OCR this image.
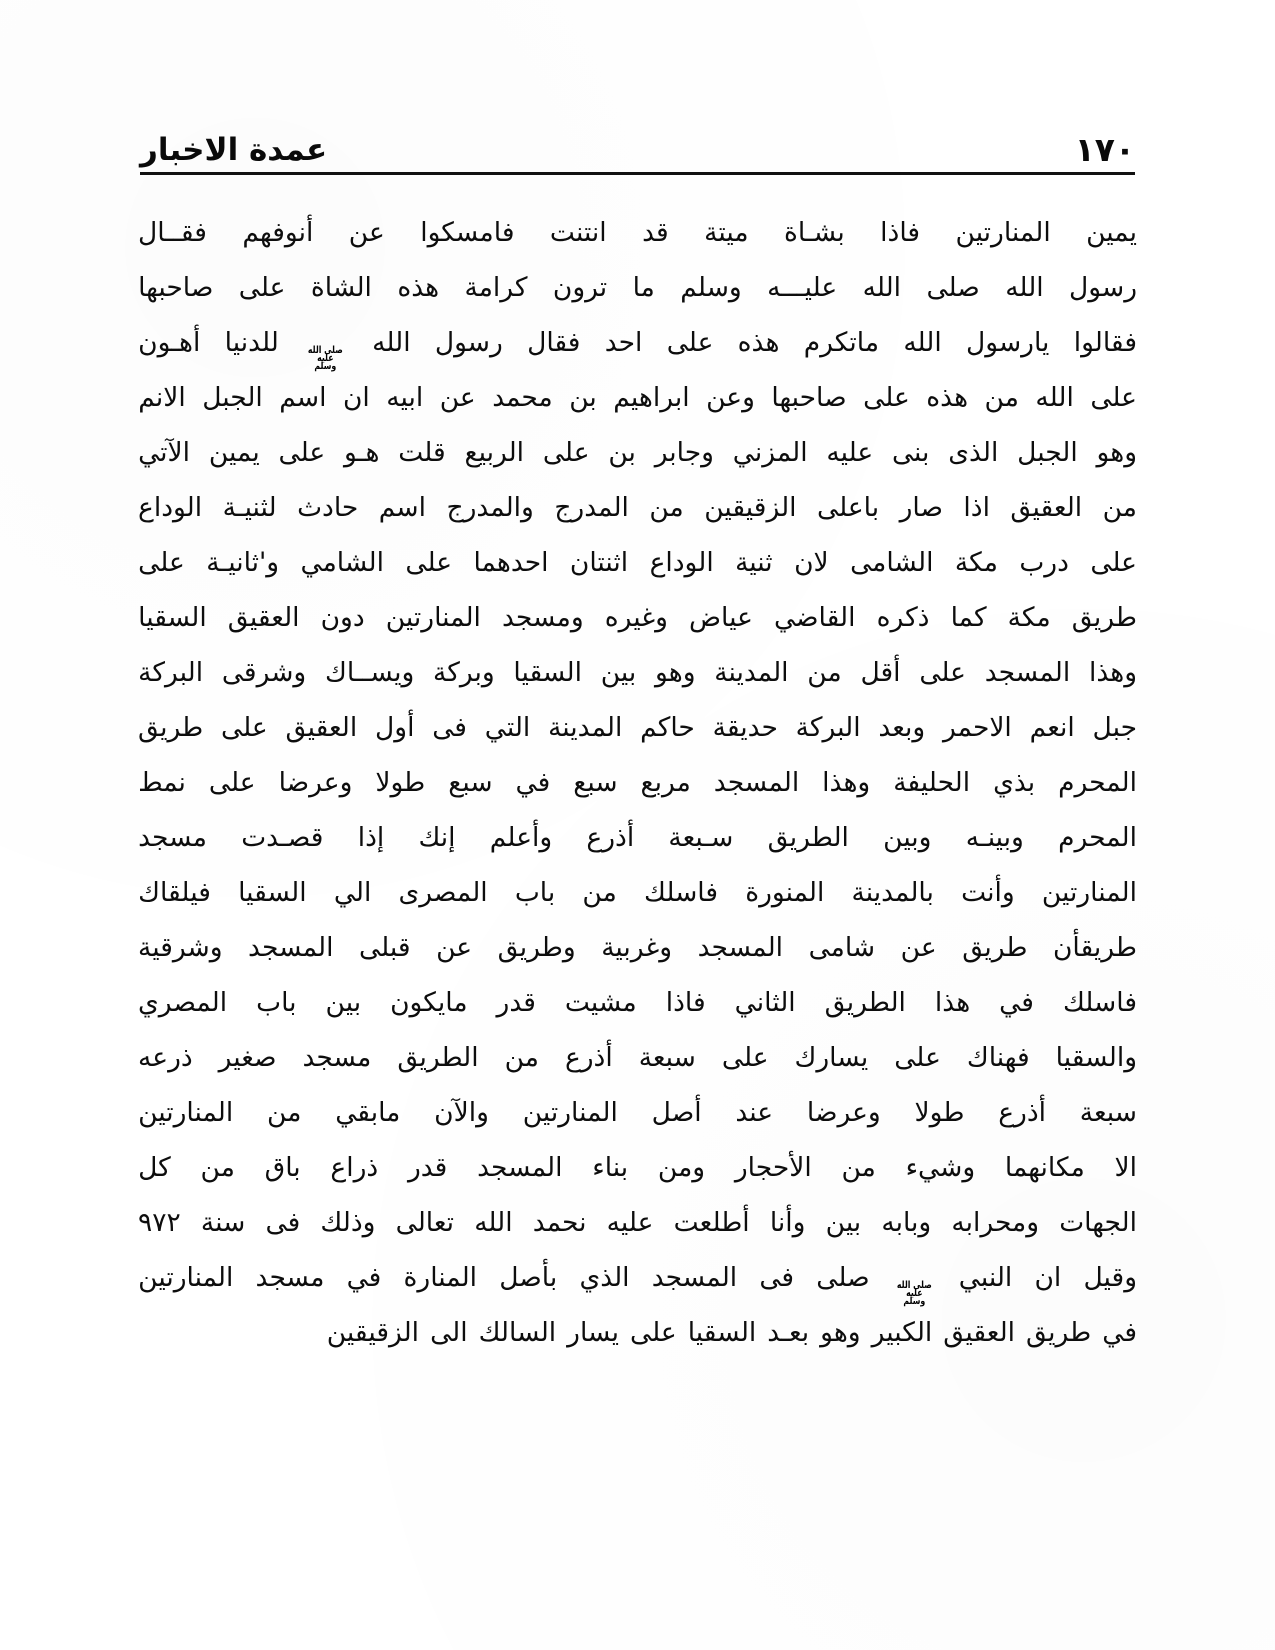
١٧٠
عمدة الاخبار
يمين
المنارتين
فاذا
بشـاة
ميتة
قد
انتنت
فامسكوا
عن
أنوفهم
فقــال
رسول
الله
صلى
الله
عليـــه
وسلم
ما
ترون
كرامة
هذه
الشاة
على
صاحبها
فقالوا
يارسول
الله
ماتكرم
هذه
على
احد
فقال
رسول
الله
صلى الله
عليه
وسلم
للدنيا
أهـون
على
الله
من
هذه
على
صاحبها
وعن
ابراهيم
بن
محمد
عن
ابيه
ان
اسم
الجبل
الانم
وهو
الجبل
الذى
بنى
عليه
المزني
وجابر
بن
على
الربيع
قلت
هـو
على
يمين
الآتي
من
العقيق
اذا
صار
باعلى
الزقيقين
من
المدرج
والمدرج
اسم
حادث
لثنيـة
الوداع
على
درب
مكة
الشامى
لان
ثنية
الوداع
اثنتان
احدهما
على
الشامي
و'ثانيـة
على
طريق
مكة
كما
ذكره
القاضي
عياض
وغيره
ومسجد
المنارتين
دون
العقيق
السقيا
وهذا
المسجد
على
أقل
من
المدينة
وهو
بين
السقيا
وبركة
ويســاك
وشرقى
البركة
جبل
انعم
الاحمر
وبعد
البركة
حديقة
حاكم
المدينة
التي
فى
أول
العقيق
على
طريق
المحرم
بذي
الحليفة
وهذا
المسجد
مربع
سبع
في
سبع
طولا
وعرضا
على
نمط
المحرم
وبينـه
وبين
الطريق
سـبعة
أذرع
وأعلم
إنك
إذا
قصـدت
مسجد
المنارتين
وأنت
بالمدينة
المنورة
فاسلك
من
باب
المصرى
الي
السقيا
فيلقاك
طريقأن
طريق
عن
شامى
المسجد
وغربية
وطريق
عن
قبلى
المسجد
وشرقية
فاسلك
في
هذا
الطريق
الثاني
فاذا
مشيت
قدر
مايكون
بين
باب
المصري
والسقيا
فهناك
على
يسارك
على
سبعة
أذرع
من
الطريق
مسجد
صغير
ذرعه
سبعة
أذرع
طولا
وعرضا
عند
أصل
المنارتين
والآن
مابقي
من
المنارتين
الا
مكانهما
وشيء
من
الأحجار
ومن
بناء
المسجد
قدر
ذراع
باق
من
كل
الجهات
ومحرابه
وبابه
بين
وأنا
أطلعت
عليه
نحمد
الله
تعالى
وذلك
فى
سنة
٩٧٢
وقيل
ان
النبي
صلى الله
عليه
وسلم
صلى
فى
المسجد
الذي
بأصل
المنارة
في
مسجد
المنارتين
في
طريق
العقيق
الكبير
وهو
بعـد
السقيا
على
يسار
السالك
الى
الزقيقين
